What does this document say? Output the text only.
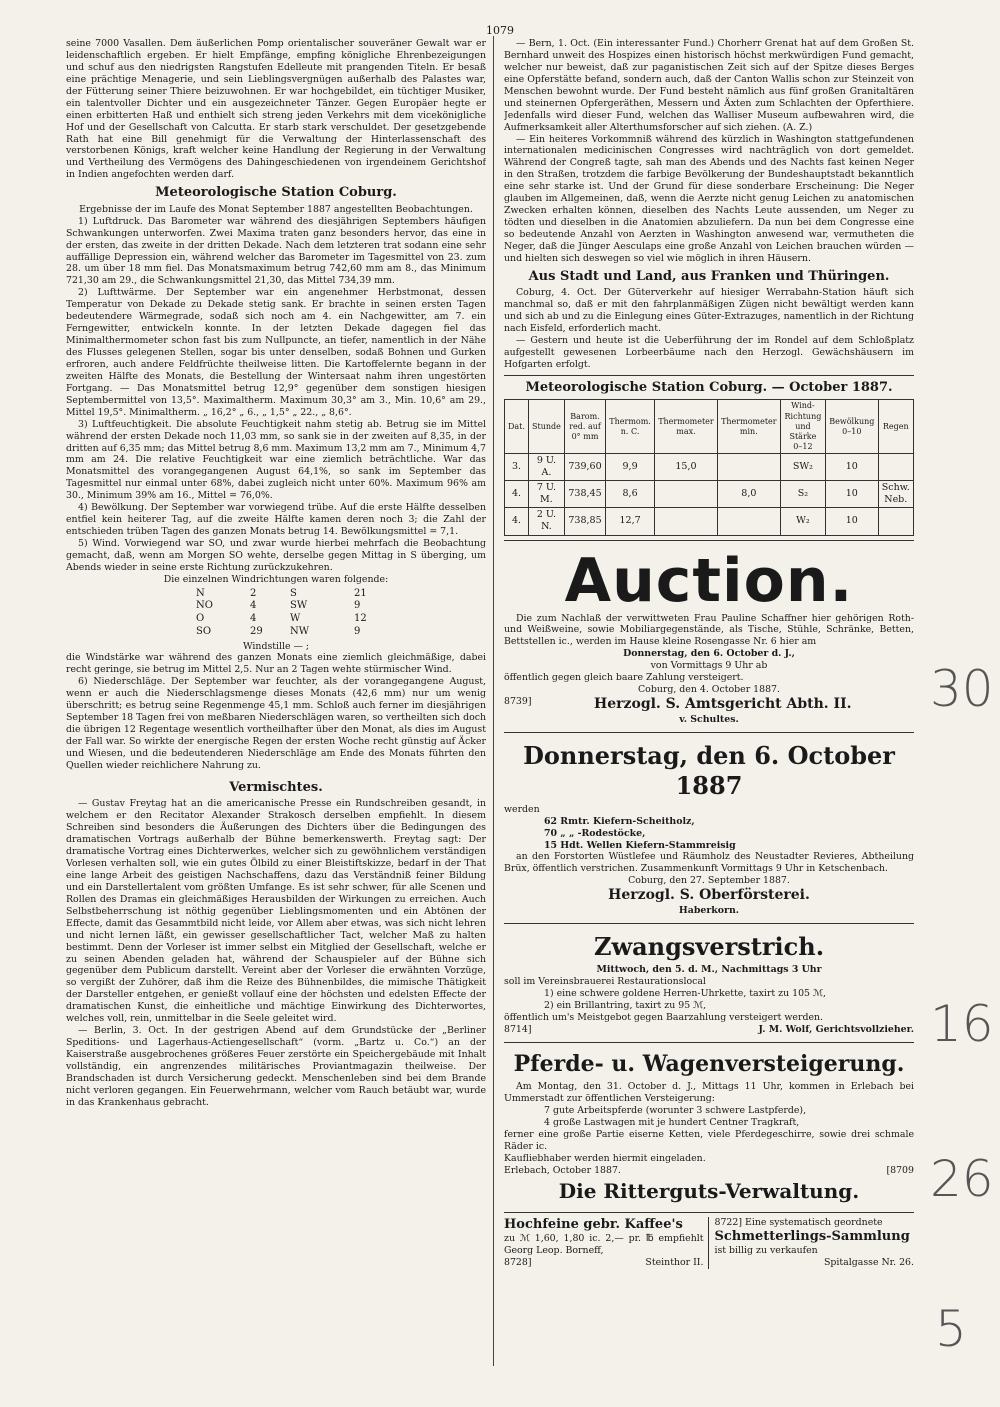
1079

seine 7000 Vasallen. Dem äußerlichen Pomp orientalischer souveräner Gewalt war er leidenschaftlich ergeben. Er hielt Empfänge, empfing königliche Ehrenbezeigungen und schuf aus den niedrigsten Rangstufen Edelleute mit prangenden Titeln. Er besaß eine prächtige Menagerie, und sein Lieblingsvergnügen außerhalb des Palastes war, der Fütterung seiner Thiere beizuwohnen. Er war hochgebildet, ein tüchtiger Musiker, ein talentvoller Dichter und ein ausgezeichneter Tänzer. Gegen Europäer hegte er einen erbitterten Haß und enthielt sich streng jeden Verkehrs mit dem vicekönigliche Hof und der Gesellschaft von Calcutta. Er starb stark verschuldet. Der gesetzgebende Rath hat eine Bill genehmigt für die Verwaltung der Hinterlassenschaft des verstorbenen Königs, kraft welcher keine Handlung der Regierung in der Verwaltung und Vertheilung des Vermögens des Dahingeschiedenen von irgendeinem Gerichtshof in Indien angefochten werden darf.

Meteorologische Station Coburg.
Ergebnisse der im Laufe des Monat September 1887 angestellten Beobachtungen.

1) Luftdruck. Das Barometer war während des diesjährigen Septembers häufigen Schwankungen unterworfen. Zwei Maxima traten ganz besonders hervor, das eine in der ersten, das zweite in der dritten Dekade. Nach dem letzteren trat sodann eine sehr auffällige Depression ein, während welcher das Barometer im Tagesmittel von 23. zum 28. um über 18 mm fiel. Das Monatsmaximum betrug 742,60 mm am 8., das Minimum 721,30 am 29., die Schwankungsmittel 21,30, das Mittel 734,39 mm.

2) Lufttwärme. Der September war ein angenehmer Herbstmonat, dessen Temperatur von Dekade zu Dekade stetig sank. Er brachte in seinen ersten Tagen bedeutendere Wärmegrade, sodaß sich noch am 4. ein Nachgewitter, am 7. ein Ferngewitter, entwickeln konnte. In der letzten Dekade dagegen fiel das Minimalthermometer schon fast bis zum Nullpuncte, an tiefer, namentlich in der Nähe des Flusses gelegenen Stellen, sogar bis unter denselben, sodaß Bohnen und Gurken erfroren, auch andere Feldfrüchte theilweise litten. Die Kartoffelernte begann in der zweiten Hälfte des Monats, die Bestellung der Wintersaat nahm ihren ungestörten Fortgang. — Das Monatsmittel betrug 12,9° gegenüber dem sonstigen hiesigen Septembermittel von 13,5°. Maximaltherm. Maximum 30,3° am 3., Min. 10,6° am 29., Mittel 19,5°. Minimaltherm. „ 16,2° „ 6., „ 1,5° „ 22., „ 8,6°.

3) Luftfeuchtigkeit. Die absolute Feuchtigkeit nahm stetig ab. Betrug sie im Mittel während der ersten Dekade noch 11,03 mm, so sank sie in der zweiten auf 8,35, in der dritten auf 6,35 mm; das Mittel betrug 8,6 mm. Maximum 13,2 mm am 7., Minimum 4,7 mm am 24. Die relative Feuchtigkeit war eine ziemlich beträchtliche. War das Monatsmittel des vorangegangenen August 64,1%, so sank im September das Tagesmittel nur einmal unter 68%, dabei zugleich nicht unter 60%. Maximum 96% am 30., Minimum 39% am 16., Mittel = 76,0%.

4) Bewölkung. Der September war vorwiegend trübe. Auf die erste Hälfte desselben entfiel kein heiterer Tag, auf die zweite Hälfte kamen deren noch 3; die Zahl der entschieden trüben Tagen des ganzen Monats betrug 14. Bewölkungsmittel = 7,1.

5) Wind. Vorwiegend war SO, und zwar wurde hierbei mehrfach die Beobachtung gemacht, daß, wenn am Morgen SO wehte, derselbe gegen Mittag in S überging, um Abends wieder in seine erste Richtung zurückzukehren.

Die einzelnen Windrichtungen waren folgende:
N	2	S	21
NO	4	SW	9
O	4	W	12
SO	29	NW	9
Windstille — ;

die Windstärke war während des ganzen Monats eine ziemlich gleichmäßige, dabei recht geringe, sie betrug im Mittel 2,5. Nur an 2 Tagen wehte stürmischer Wind.

6) Niederschläge. Der September war feuchter, als der vorangegangene August, wenn er auch die Niederschlagsmenge dieses Monats (42,6 mm) nur um wenig überschritt; es betrug seine Regenmenge 45,1 mm. Schloß auch ferner im diesjährigen September 18 Tagen frei von meßbaren Niederschlägen waren, so vertheilten sich doch die übrigen 12 Regentage wesentlich vortheilhafter über den Monat, als dies im August der Fall war. So wirkte der energische Regen der ersten Woche recht günstig auf Äcker und Wiesen, und die bedeutenderen Niederschläge am Ende des Monats führten den Quellen wieder reichlichere Nahrung zu.

Vermischtes.

— Gustav Freytag hat an die americanische Presse ein Rundschreiben gesandt, in welchem er den Recitator Alexander Strakosch derselben empfiehlt. In diesem Schreiben sind besonders die Äußerungen des Dichters über die Bedingungen des dramatischen Vortrags außerhalb der Bühne bemerkenswerth. Freytag sagt: Der dramatische Vortrag eines Dichterwerkes, welcher sich zu gewöhnlichem verständigen Vorlesen verhalten soll, wie ein gutes Ölbild zu einer Bleistiftskizze, bedarf in der That eine lange Arbeit des geistigen Nachschaffens, dazu das Verständniß feiner Bildung und ein Darstellertalent vom größten Umfange. Es ist sehr schwer, für alle Scenen und Rollen des Dramas ein gleichmäßiges Herausbilden der Wirkungen zu erreichen. Auch Selbstbeherrschung ist nöthig gegenüber Lieblingsmomenten und ein Abtönen der Effecte, damit das Gesammtbild nicht leide, vor Allem aber etwas, was sich nicht lehren und nicht lernen läßt, ein gewisser gesellschaftlicher Tact, welcher Maß zu halten bestimmt. Denn der Vorleser ist immer selbst ein Mitglied der Gesellschaft, welche er zu seinen Abenden geladen hat, während der Schauspieler auf der Bühne sich gegenüber dem Publicum darstellt. Vereint aber der Vorleser die erwähnten Vorzüge, so vergißt der Zuhörer, daß ihm die Reize des Bühnenbildes, die mimische Thätigkeit der Darsteller entgehen, er genießt vollauf eine der höchsten und edelsten Effecte der dramatischen Kunst, die einheitliche und mächtige Einwirkung des Dichterwortes, welches voll, rein, unmittelbar in die Seele geleitet wird.

— Berlin, 3. Oct. In der gestrigen Abend auf dem Grundstücke der „Berliner Speditions- und Lagerhaus-Actiengesellschaft“ (vorm. „Bartz u. Co.“) an der Kaiserstraße ausgebrochenes größeres Feuer zerstörte ein Speichergebäude mit Inhalt vollständig, ein angrenzendes militärisches Proviantmagazin theilweise. Der Brandschaden ist durch Versicherung gedeckt. Menschenleben sind bei dem Brande nicht verloren gegangen. Ein Feuerwehrmann, welcher vom Rauch betäubt war, wurde in das Krankenhaus gebracht.

— Bern, 1. Oct. (Ein interessanter Fund.) Chorherr Grenat hat auf dem Großen St. Bernhard unweit des Hospizes einen historisch höchst merkwürdigen Fund gemacht, welcher nur beweist, daß zur paganistischen Zeit sich auf der Spitze dieses Berges eine Opferstätte befand, sondern auch, daß der Canton Wallis schon zur Steinzeit von Menschen bewohnt wurde. Der Fund besteht nämlich aus fünf großen Granitaltären und steinernen Opfergeräthen, Messern und Äxten zum Schlachten der Opferthiere. Jedenfalls wird dieser Fund, welchen das Walliser Museum aufbewahren wird, die Aufmerksamkeit aller Alterthumsforscher auf sich ziehen. (A. Z.)

— Ein heiteres Vorkommniß während des kürzlich in Washington stattgefundenen internationalen medicinischen Congresses wird nachträglich von dort gemeldet. Während der Congreß tagte, sah man des Abends und des Nachts fast keinen Neger in den Straßen, trotzdem die farbige Bevölkerung der Bundeshauptstadt bekanntlich eine sehr starke ist. Und der Grund für diese sonderbare Erscheinung: Die Neger glauben im Allgemeinen, daß, wenn die Aerzte nicht genug Leichen zu anatomischen Zwecken erhalten können, dieselben des Nachts Leute aussenden, um Neger zu tödten und dieselben in die Anatomien abzuliefern. Da nun bei dem Congresse eine so bedeutende Anzahl von Aerzten in Washington anwesend war, vermutheten die Neger, daß die Jünger Aesculaps eine große Anzahl von Leichen brauchen würden — und hielten sich deswegen so viel wie möglich in ihren Häusern.

Aus Stadt und Land, aus Franken und Thüringen.

Coburg, 4. Oct. Der Güterverkehr auf hiesiger Werrabahn-Station häuft sich manchmal so, daß er mit den fahrplanmäßigen Zügen nicht bewältigt werden kann und sich ab und zu die Einlegung eines Güter-Extrazuges, namentlich in der Richtung nach Eisfeld, erforderlich macht.

— Gestern und heute ist die Ueberführung der im Rondel auf dem Schloßplatz aufgestellt gewesenen Lorbeerbäume nach den Herzogl. Gewächshäusern im Hofgarten erfolgt.

Meteorologische Station Coburg. — October 1887.
Dat.	Stunde	Barom. red. auf 0° mm	Thermom. n. C.	Thermometer max.	Thermometer min.	Wind-Richtung und Stärke 0–12	Bewölkung 0–10	Regen
3.	9 U. A.	739,60	9,9	15,0		SW₂	10	
4.	7 U. M.	738,45	8,6		8,0	S₂	10	Schw. Neb.
4.	2 U. N.	738,85	12,7			W₂	10	
Auction.

Die zum Nachlaß der verwittweten Frau Pauline Schaffner hier gehörigen Roth- und Weißweine, sowie Mobiliargegenstände, als Tische, Stühle, Schränke, Betten, Bettstellen ic., werden im Hause kleine Rosengasse Nr. 6 hier am

Donnerstag, den 6. October d. J.,
von Vormittags 9 Uhr ab
öffentlich gegen gleich baare Zahlung versteigert.
Coburg, den 4. October 1887.
8739]	Herzogl. S. Amtsgericht Abth. II.
v. Schultes.
Donnerstag, den 6. October 1887
werden
62 Rmtr. Kiefern-Scheitholz,
70 „ „ -Rodestöcke,
15 Hdt. Wellen Kiefern-Stammreisig

an den Forstorten Wüstlefee und Räumholz des Neustadter Revieres, Abtheilung Brüx, öffentlich verstrichen. Zusammenkunft Vormittags 9 Uhr in Ketschenbach.

Coburg, den 27. September 1887.
Herzogl. S. Oberförsterei.
Haberkorn.
Zwangsverstrich.
Mittwoch, den 5. d. M., Nachmittags 3 Uhr
soll im Vereinsbrauerei Restaurationslocal
1) eine schwere goldene Herren-Uhrkette, taxirt zu 105 ℳ,
2) ein Brillantring, taxirt zu 95 ℳ,
öffentlich um's Meistgebot gegen Baarzahlung versteigert werden.
8714]	J. M. Wolf, Gerichtsvollzieher.
Pferde- u. Wagenversteigerung.

Am Montag, den 31. October d. J., Mittags 11 Uhr, kommen in Erlebach bei Ummerstadt zur öffentlichen Versteigerung:

7 gute Arbeitspferde (worunter 3 schwere Lastpferde),
4 große Lastwagen mit je hundert Centner Tragkraft,
ferner eine große Partie eiserne Ketten, viele Pferdegeschirre, sowie drei schmale Räder ic.
Kaufliebhaber werden hiermit eingeladen.
Erlebach, October 1887.	[8709
Die Ritterguts-Verwaltung.
Hochfeine gebr. Kaffee's
zu ℳ 1,60, 1,80 ic. 2,— pr. ℔ empfiehlt Georg Leop. Borneff,
8728]	Steinthor II.
8722] Eine systematisch geordnete
Schmetterlings-Sammlung
ist billig zu verkaufen
Spitalgasse Nr. 26.
30
16
26
5
